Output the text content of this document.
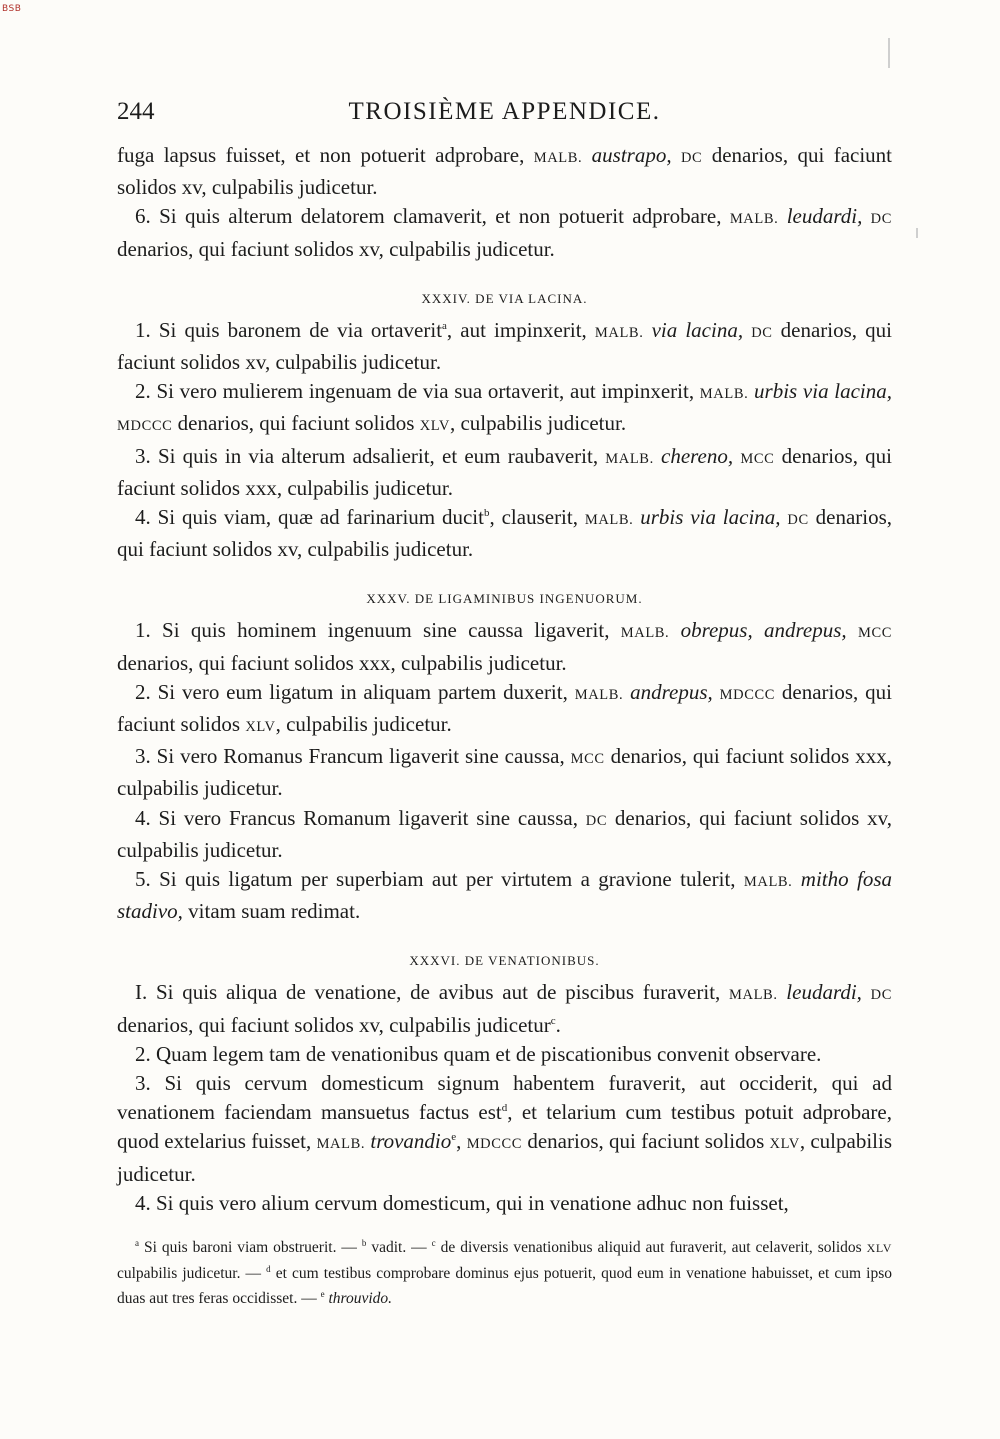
BSB
244	TROISIÈME APPENDICE.

fuga lapsus fuisset, et non potuerit adprobare, MALB. austrapo, DC denarios, qui faciunt solidos xv, culpabilis judicetur.

6. Si quis alterum delatorem clamaverit, et non potuerit adprobare, MALB. leudardi, DC denarios, qui faciunt solidos xv, culpabilis judicetur.

XXXIV. DE VIA LACINA.

1. Si quis baronem de via ortaverit$^a$, aut impinxerit, MALB. via lacina, DC denarios, qui faciunt solidos xv, culpabilis judicetur.

2. Si vero mulierem ingenuam de via sua ortaverit, aut impinxerit, MALB. urbis via lacina, MDCCC denarios, qui faciunt solidos XLV, culpabilis judicetur.

3. Si quis in via alterum adsalierit, et eum raubaverit, MALB. chereno, MCC denarios, qui faciunt solidos xxx, culpabilis judicetur.

4. Si quis viam, quæ ad farinarium ducit$^b$, clauserit, MALB. urbis via lacina, DC denarios, qui faciunt solidos xv, culpabilis judicetur.

XXXV. DE LIGAMINIBUS INGENUORUM.

1. Si quis hominem ingenuum sine caussa ligaverit, MALB. obrepus, andrepus, MCC denarios, qui faciunt solidos xxx, culpabilis judicetur.

2. Si vero eum ligatum in aliquam partem duxerit, MALB. andrepus, MDCCC denarios, qui faciunt solidos XLV, culpabilis judicetur.

3. Si vero Romanus Francum ligaverit sine caussa, MCC denarios, qui faciunt solidos xxx, culpabilis judicetur.

4. Si vero Francus Romanum ligaverit sine caussa, DC denarios, qui faciunt solidos xv, culpabilis judicetur.

5. Si quis ligatum per superbiam aut per virtutem a gravione tulerit, MALB. mitho fosa stadivo, vitam suam redimat.

XXXVI. DE VENATIONIBUS.

I. Si quis aliqua de venatione, de avibus aut de piscibus furaverit, MALB. leudardi, DC denarios, qui faciunt solidos xv, culpabilis judicetur$^c$.

2. Quam legem tam de venationibus quam et de piscationibus convenit observare.

3. Si quis cervum domesticum signum habentem furaverit, aut occiderit, qui ad venationem faciendam mansuetus factus est$^d$, et telarium cum testibus potuit adprobare, quod extelarius fuisset, MALB. trovandio$^e$, MDCCC denarios, qui faciunt solidos XLV, culpabilis judicetur.

4. Si quis vero alium cervum domesticum, qui in venatione adhuc non fuisset,

$^a$ Si quis baroni viam obstruerit. — $^b$ vadit. — $^c$ de diversis venationibus aliquid aut furaverit, aut celaverit, solidos XLV culpabilis judicetur. — $^d$ et cum testibus comprobare dominus ejus potuerit, quod eum in venatione habuisset, et cum ipso duas aut tres feras occidisset. — $^e$ throuvido.
